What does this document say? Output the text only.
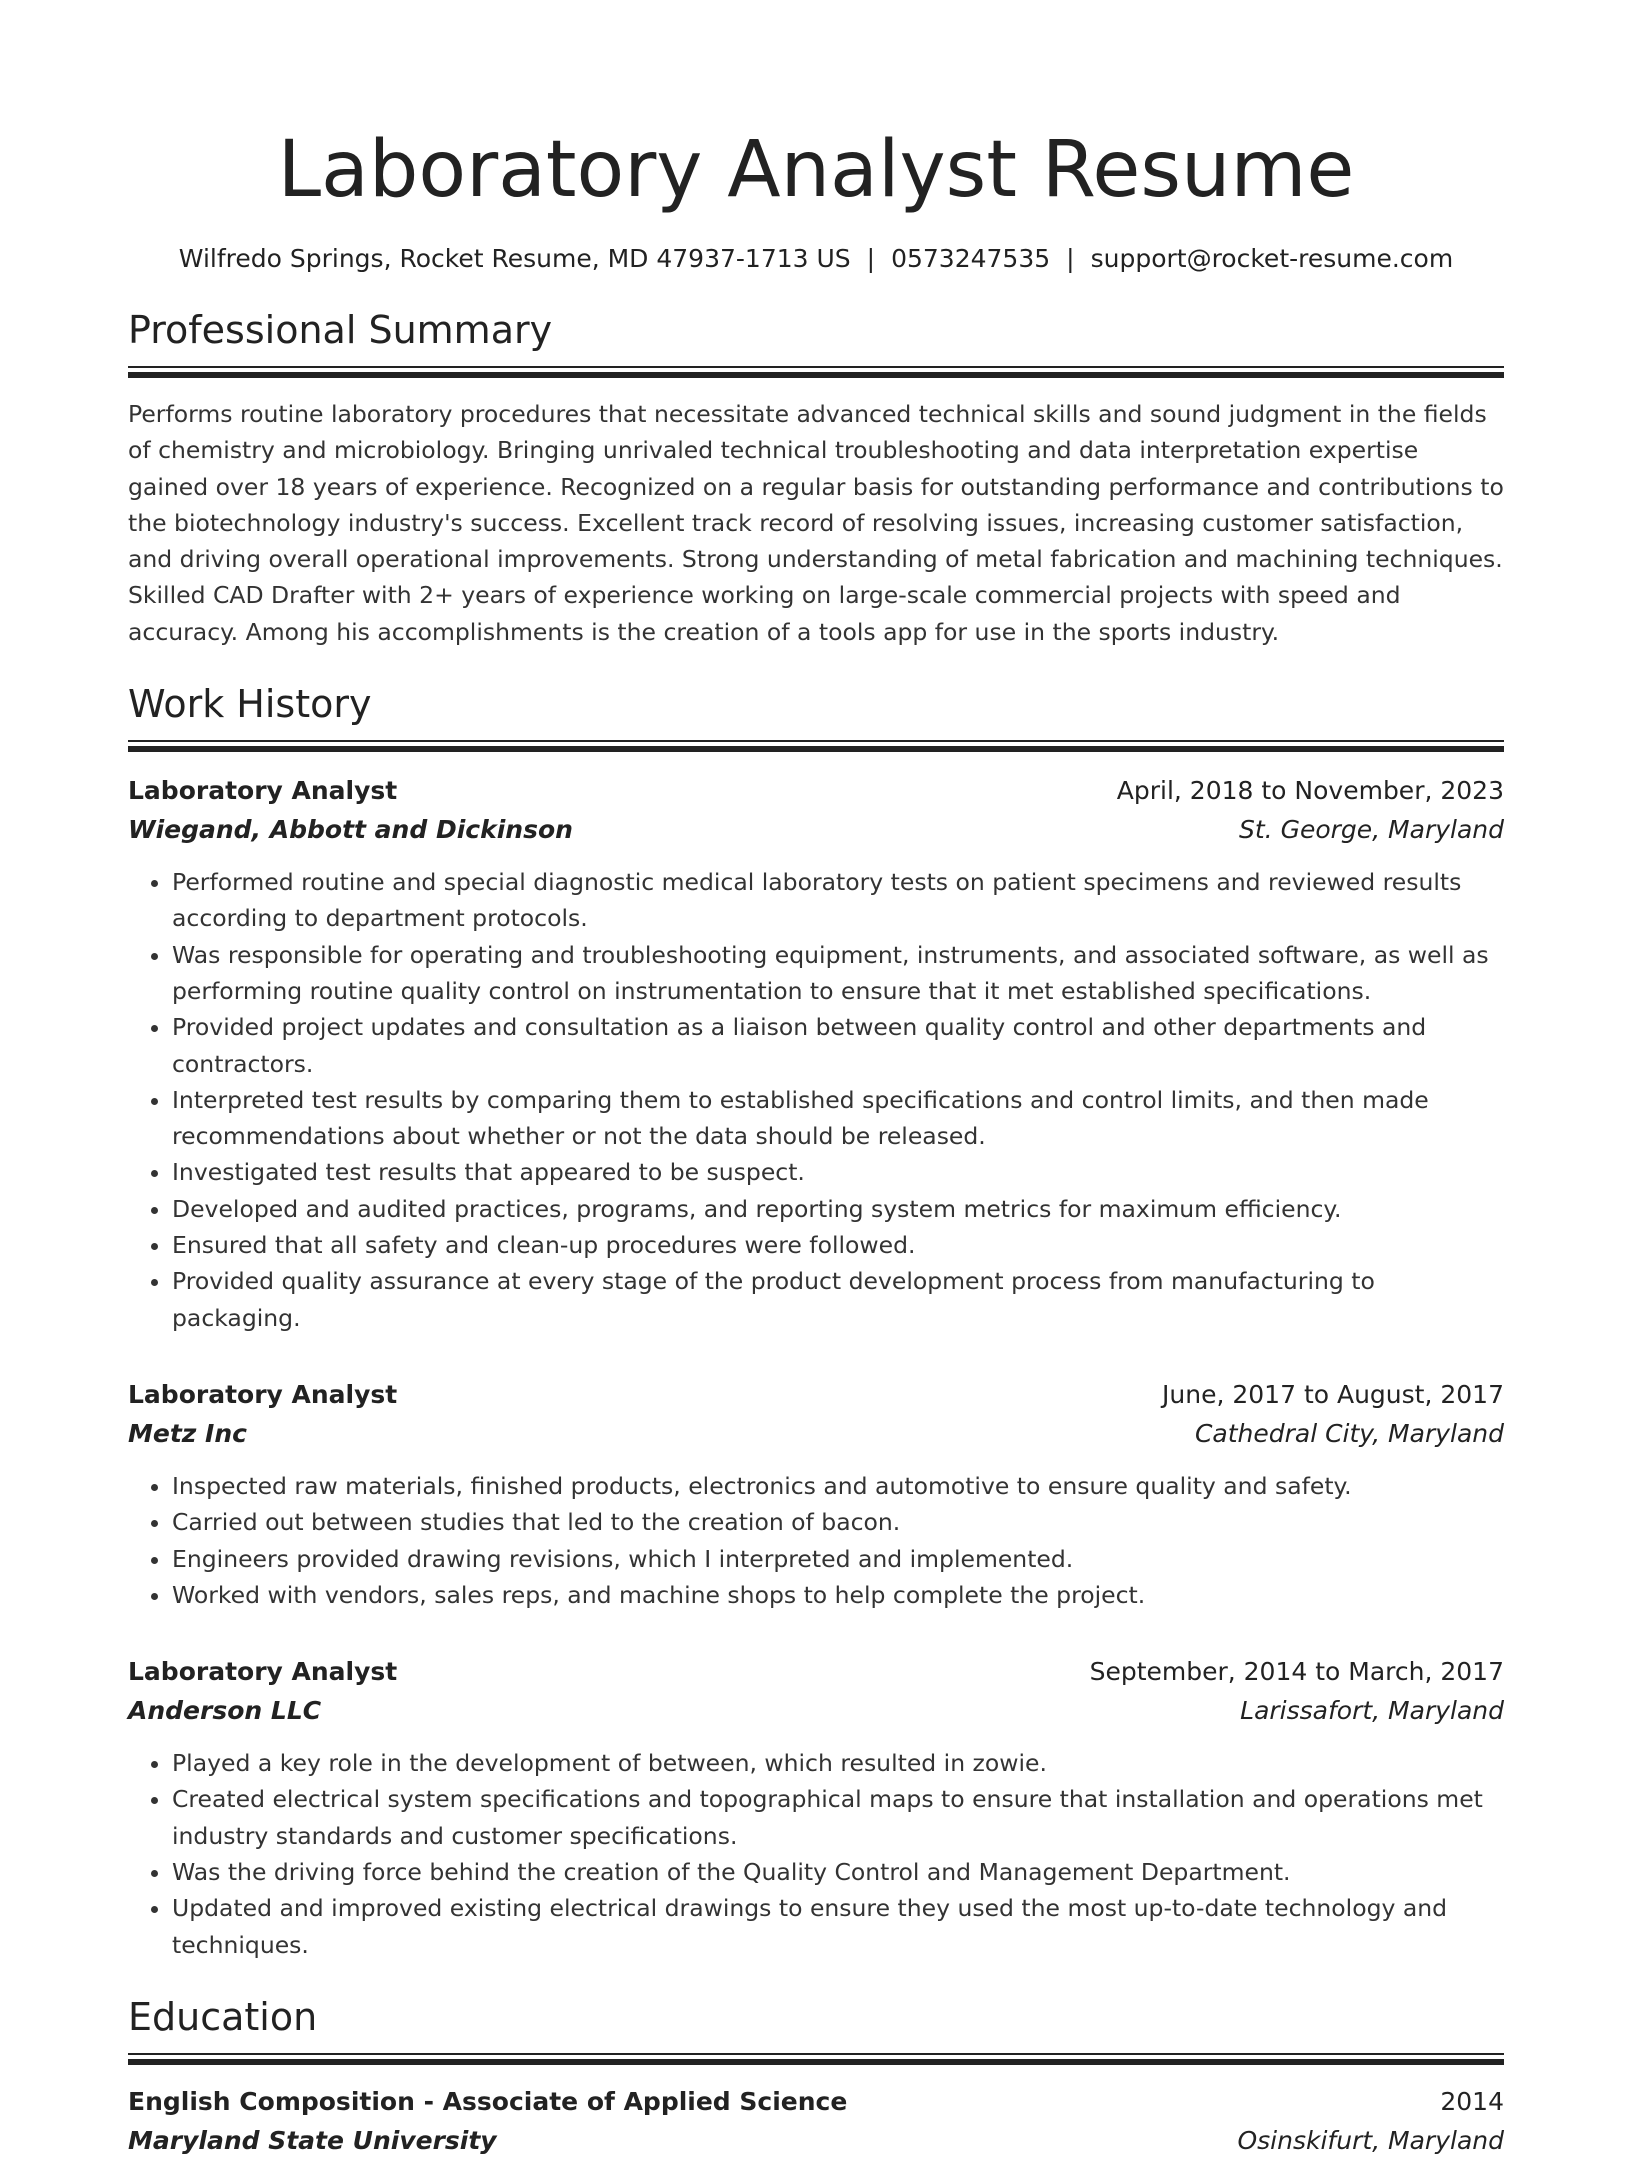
Laboratory Analyst Resume
Wilfredo Springs, Rocket Resume, MD 47937-1713 US | 0573247535 | support@rocket-resume.com
Professional Summary
Performs routine laboratory procedures that necessitate advanced technical skills and sound judgment in the fields of chemistry and microbiology. Bringing unrivaled technical troubleshooting and data interpretation expertise gained over 18 years of experience. Recognized on a regular basis for outstanding performance and contributions to the biotechnology industry's success. Excellent track record of resolving issues, increasing customer satisfaction, and driving overall operational improvements. Strong understanding of metal fabrication and machining techniques. Skilled CAD Drafter with 2+ years of experience working on large-scale commercial projects with speed and accuracy. Among his accomplishments is the creation of a tools app for use in the sports industry.
Work History
Laboratory Analyst	April, 2018 to November, 2023
Wiegand, Abbott and Dickinson	St. George, Maryland
• Performed routine and special diagnostic medical laboratory tests on patient specimens and reviewed results according to department protocols.
• Was responsible for operating and troubleshooting equipment, instruments, and associated software, as well as performing routine quality control on instrumentation to ensure that it met established specifications.
• Provided project updates and consultation as a liaison between quality control and other departments and contractors.
• Interpreted test results by comparing them to established specifications and control limits, and then made recommendations about whether or not the data should be released.
• Investigated test results that appeared to be suspect.
• Developed and audited practices, programs, and reporting system metrics for maximum efficiency.
• Ensured that all safety and clean-up procedures were followed.
• Provided quality assurance at every stage of the product development process from manufacturing to packaging.
Laboratory Analyst	June, 2017 to August, 2017
Metz Inc	Cathedral City, Maryland
• Inspected raw materials, finished products, electronics and automotive to ensure quality and safety.
• Carried out between studies that led to the creation of bacon.
• Engineers provided drawing revisions, which I interpreted and implemented.
• Worked with vendors, sales reps, and machine shops to help complete the project.
Laboratory Analyst	September, 2014 to March, 2017
Anderson LLC	Larissafort, Maryland
• Played a key role in the development of between, which resulted in zowie.
• Created electrical system specifications and topographical maps to ensure that installation and operations met industry standards and customer specifications.
• Was the driving force behind the creation of the Quality Control and Management Department.
• Updated and improved existing electrical drawings to ensure they used the most up-to-date technology and techniques.
Education
English Composition - Associate of Applied Science	2014
Maryland State University	Osinskifurt, Maryland
